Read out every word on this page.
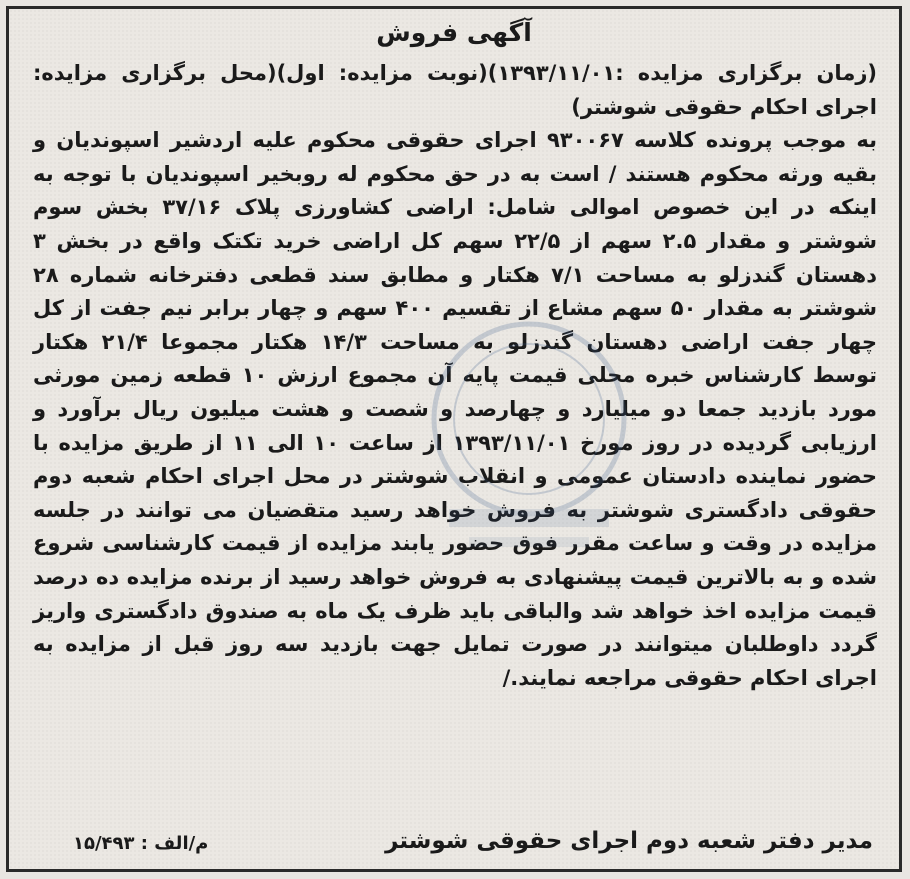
آگهی فروش

(زمان برگزاری مزایده :۱۳۹۳/۱۱/۰۱)(نوبت مزایده: اول)(محل برگزاری مزایده: اجرای احکام حقوقی شوشتر)

به موجب پرونده کلاسه ۹۳۰۰۶۷ اجرای حقوقی محکوم علیه اردشیر اسپوندیان و بقیه ورثه محکوم هستند / است به در حق محکوم له روبخیر اسپوندیان با توجه به اینکه در این خصوص اموالی شامل: اراضی کشاورزی پلاک ۳۷/۱۶ بخش سوم شوشتر و مقدار ۲.۵ سهم از ۲۲/۵ سهم کل اراضی خرید تکتک واقع در بخش ۳ دهستان گندزلو به مساحت ۷/۱ هکتار و مطابق سند قطعی دفترخانه شماره ۲۸ شوشتر به مقدار ۵۰ سهم مشاع از تقسیم ۴۰۰ سهم و چهار برابر نیم جفت از کل چهار جفت اراضی دهستان گندزلو به مساحت ۱۴/۳ هکتار مجموعا ۲۱/۴ هکتار توسط کارشناس خبره محلی قیمت پایه آن مجموع ارزش ۱۰ قطعه زمین مورثی مورد بازدید جمعا دو میلیارد و چهارصد و شصت و هشت میلیون ریال برآورد و ارزیابی گردیده در روز مورخ ۱۳۹۳/۱۱/۰۱ از ساعت ۱۰ الی ۱۱ از طریق مزایده با حضور نماینده دادستان عمومی و انقلاب شوشتر در محل اجرای احکام شعبه دوم حقوقی دادگستری شوشتر به فروش خواهد رسید متقضیان می توانند در جلسه مزایده در وقت و ساعت مقرر فوق حضور یابند مزایده از قیمت کارشناسی شروع شده و به بالاترین قیمت پیشنهادی به فروش خواهد رسید از برنده مزایده ده درصد قیمت مزایده اخذ خواهد شد والباقی باید ظرف یک ماه به صندوق دادگستری واریز گردد داوطلبان میتوانند در صورت تمایل جهت بازدید سه روز قبل از مزایده به اجرای احکام حقوقی مراجعه نمایند./

مدیر دفتر شعبه دوم اجرای حقوقی شوشتر
م/الف : ۱۵/۴۹۳
